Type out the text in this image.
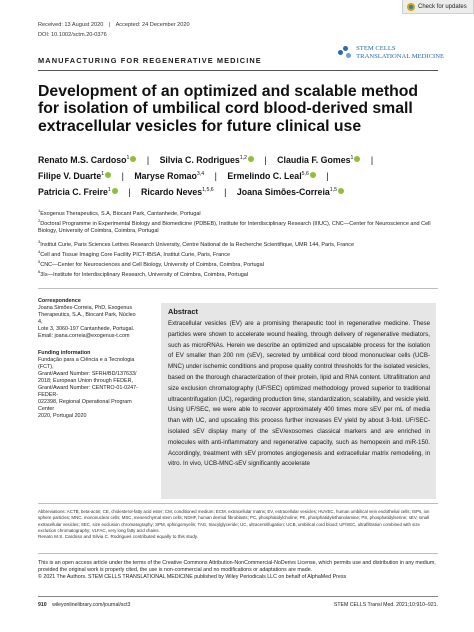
Check for updates
Received: 13 August 2020 | Accepted: 24 December 2020
DOI: 10.1002/sctm.20-0376
MANUFACTURING FOR REGENERATIVE MEDICINE
STEM CELLS
TRANSLATIONAL MEDICINE
Development of an optimized and scalable method for isolation of umbilical cord blood-derived small extracellular vesicles for future clinical use
Renato M.S. Cardoso$^1$ | Silvia C. Rodrigues$^{1,2}$ | Claudia F. Gomes$^1$ |
Filipe V. Duarte$^1$ | Maryse Romao$^{3,4}$ | Ermelindo C. Leal$^{5,6}$ |
Patricia C. Freire$^1$ | Ricardo Neves$^{1,5,6}$ | Joana Simões-Correia$^{1,5}$
$^1$Exogenus Therapeutics, S.A, Biocant Park, Cantanhede, Portugal
$^2$Doctoral Programme in Experimental Biology and Biomedicine (PDBEB), Institute for Interdisciplinary Research (IIIUC), CNC—Center for Neuroscience and Cell Biology, University of Coimbra, Coimbra, Portugal
$^3$Institut Curie, Paris Sciences Lettres Research University, Centre National de la Recherche Scientifique, UMR 144, Paris, France
$^4$Cell and Tissue Imaging Core Facility PICT-IBiSA, Institut Curie, Paris, France
$^5$CNC—Center for Neurosciences and Cell Biology, University of Coimbra, Coimbra, Portugal
$^6$3Is—Institute for Interdisciplinary Research, University of Coimbra, Coimbra, Portugal
Correspondence
Joana Simões-Correia, PhD, Exogenus
Therapeutics, S.A., Biocant Park, Núcleo 4,
Lote 3, 3060-197 Cantanhede, Portugal.
Email: joana.correia@exogenus-t.com
Funding information
Fundação para a Ciência e a Tecnologia (FCT),
Grant/Award Number: SFRH/BD/137633/
2018; European Union through FEDER,
Grant/Award Number: CENTRO-01-0247-FEDER-
022398, Regional Operational Program Center
2020, Portugal 2020
Abstract
Extracellular vesicles (EV) are a promising therapeutic tool in regenerative medicine. These particles were shown to accelerate wound healing, through delivery of regenerative mediators, such as microRNAs. Herein we describe an optimized and upscalable process for the isolation of EV smaller than 200 nm (sEV), secreted by umbilical cord blood mononuclear cells (UCB-MNC) under ischemic conditions and propose quality control thresholds for the isolated vesicles, based on the thorough characterization of their protein, lipid and RNA content. Ultrafiltration and size exclusion chromatography (UF/SEC) optimized methodology proved superior to traditional ultracentrifugation (UC), regarding production time, standardization, scalability, and vesicle yield. Using UF/SEC, we were able to recover approximately 400 times more sEV per mL of media than with UC, and upscaling this process further increases EV yield by about 3-fold. UF/SEC-isolated sEV display many of the sEV/exosomes classical markers and are enriched in molecules with anti-inflammatory and regenerative capacity, such as hemopexin and miR-150. Accordingly, treatment with sEV promotes angiogenesis and extracellular matrix remodeling, in vitro. In vivo, UCB-MNC-sEV significantly accelerate
Abbreviations: ACTB, beta-actin; CE, cholesterol-fatty acid ester; CM, conditioned medium; ECM, extracellular matrix; EV, extracellular vesicles; HUVEC, human umbilical vein endothelial cells; ISPs, ion sphere particles; MNC, mononuclear cells; MSC, mesenchymal stem cells; NDHF, human dermal fibroblasts; PC, phosphatidylcholine; PE, phosphatidylethanolamine; PS, phosphatidylserine; sEV, small extracellular vesicles; SEC, size exclusion chromatography; SPM, sphingomyelin; TAG, triacylglyceride; UC, ultracentrifugation; UCB, umbilical cord blood; UF/SEC, ultrafiltration combined with size exclusion chromatography; VLFAC, very long fatty acid chains.
Renato M.S. Cardoso and Silvia C. Rodrigues contributed equally to this study.
This is an open access article under the terms of the Creative Commons Attribution-NonCommercial-NoDerivs License, which permits use and distribution in any medium, provided the original work is properly cited, the use is non-commercial and no modifications or adaptations are made.
© 2021 The Authors. STEM CELLS TRANSLATIONAL MEDICINE published by Wiley Periodicals LLC on behalf of AlphaMed Press
910 wileyonlinelibrary.com/journal/sct3	STEM CELLS Transl Med. 2021;10:910–921.
